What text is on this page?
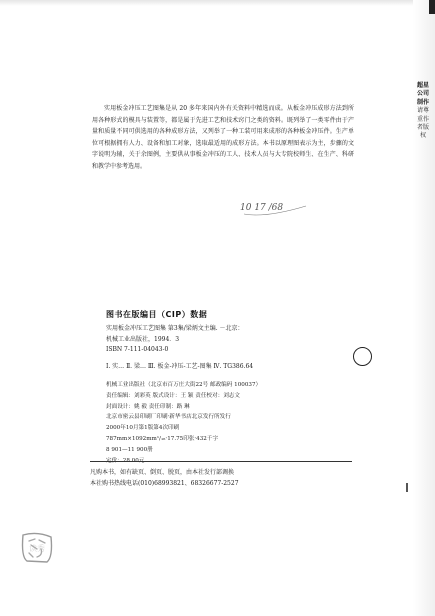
超星公司制作请尊重作者版权

实用板金冲压工艺图集是从 20 多年来国内外有关资料中精选而成。从板金冲压成形方法到所用各种形式的模具与装置等，都是属于先进工艺和技术窍门之类的资料。既列举了一类零件由于产量和质量不同可供选用的各种成形方法，又列举了一种工装可用来成形的各种板金冲压件。生产单位可根据拥有人力、设备和加工对象，选取最适用的成形方法。本书以原理图表示为主，步骤的文字说明为辅，关于余图例，主要供从事板金冲压的工人、技术人员与大专院校师生、在生产、科研和教学中参考选用。

10 17 /68
图书在版编目（CIP）数据
实用板金冲压工艺图集 第3集/梁炳文主编. －北京：
机械工业出版社，1994．3
ISBN 7-111-04043-0
Ⅰ. 实… Ⅱ. 梁… Ⅲ. 板金-冲压-工艺-图集 Ⅳ. TG386.64
机械工业出版社（北京市百万庄大街22号 邮政编码 100037）
责任编辑：刘彩英 版式设计：王 颖 责任校对：刘志文
封面设计：姚 毅 责任印制：路 琳
北京市密云县印刷厂印刷·新华书店北京发行所发行
2000年10月第1版第4次印刷
787mm×1092mm¹/₁₆·17.75印张·432千字
8 901—11 900册
定价：28.00元
凡购本书，如有缺页、倒页、脱页，由本社发行部调换
本社购书热线电话(010)68993821、68326677-2527
读秀
